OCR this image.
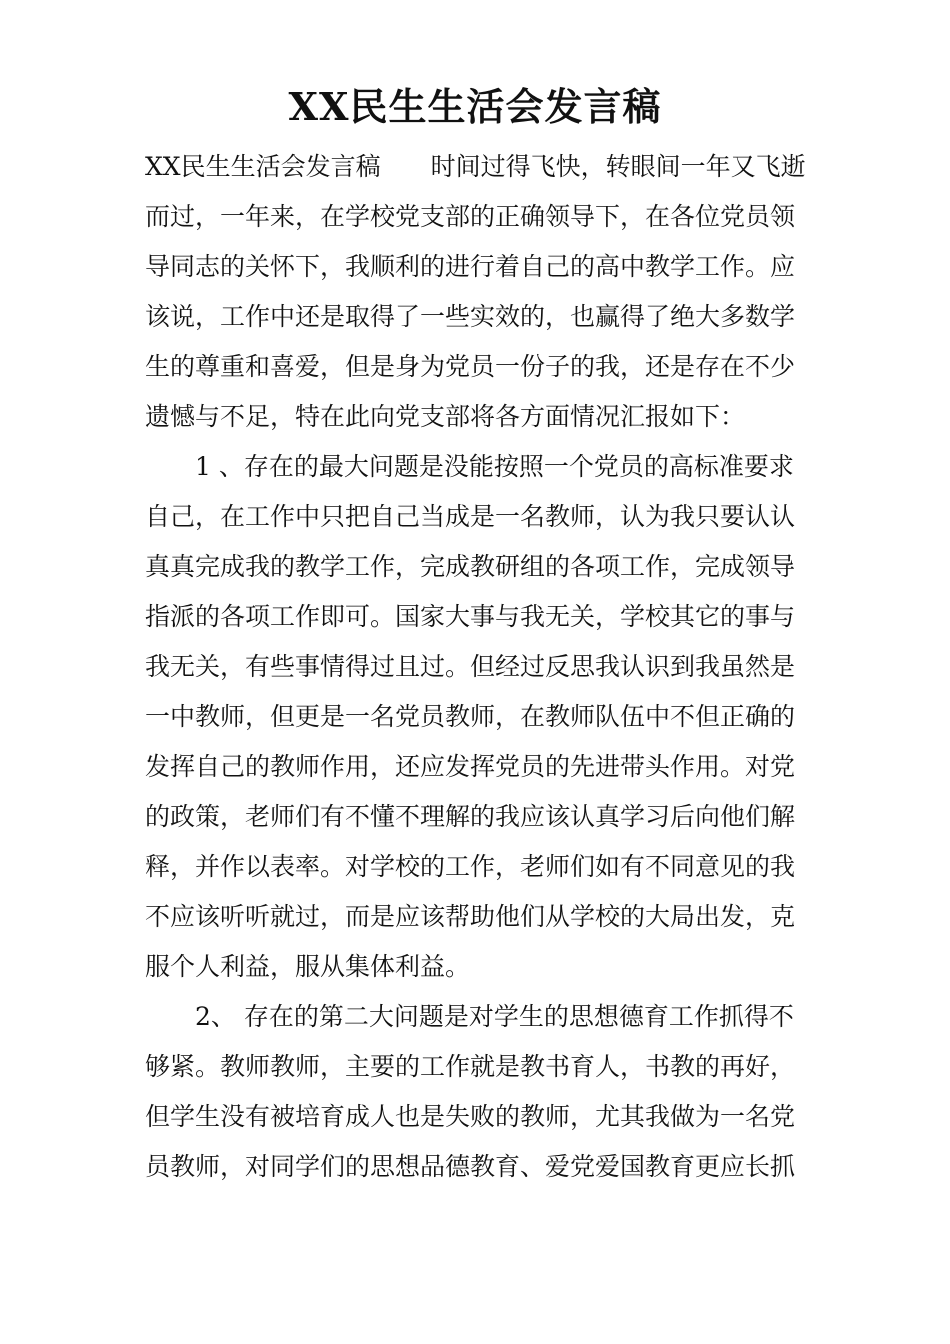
XX民生生活会发言稿
XX民生生活会发言稿　　时间过得飞快，转眼间一年又飞逝
而过，一年来，在学校党支部的正确领导下，在各位党员领
导同志的关怀下，我顺利的进行着自己的高中教学工作。应
该说，工作中还是取得了一些实效的，也赢得了绝大多数学
生的尊重和喜爱，但是身为党员一份子的我，还是存在不少
遗憾与不足，特在此向党支部将各方面情况汇报如下：
　　1 、存在的最大问题是没能按照一个党员的高标准要求
自己，在工作中只把自己当成是一名教师，认为我只要认认
真真完成我的教学工作，完成教研组的各项工作，完成领导
指派的各项工作即可。国家大事与我无关，学校其它的事与
我无关，有些事情得过且过。但经过反思我认识到我虽然是
一中教师，但更是一名党员教师，在教师队伍中不但正确的
发挥自己的教师作用，还应发挥党员的先进带头作用。对党
的政策，老师们有不懂不理解的我应该认真学习后向他们解
释，并作以表率。对学校的工作，老师们如有不同意见的我
不应该听听就过，而是应该帮助他们从学校的大局出发，克
服个人利益，服从集体利益。
　　2、 存在的第二大问题是对学生的思想德育工作抓得不
够紧。教师教师，主要的工作就是教书育人，书教的再好，
但学生没有被培育成人也是失败的教师，尤其我做为一名党
员教师，对同学们的思想品德教育、爱党爱国教育更应长抓
